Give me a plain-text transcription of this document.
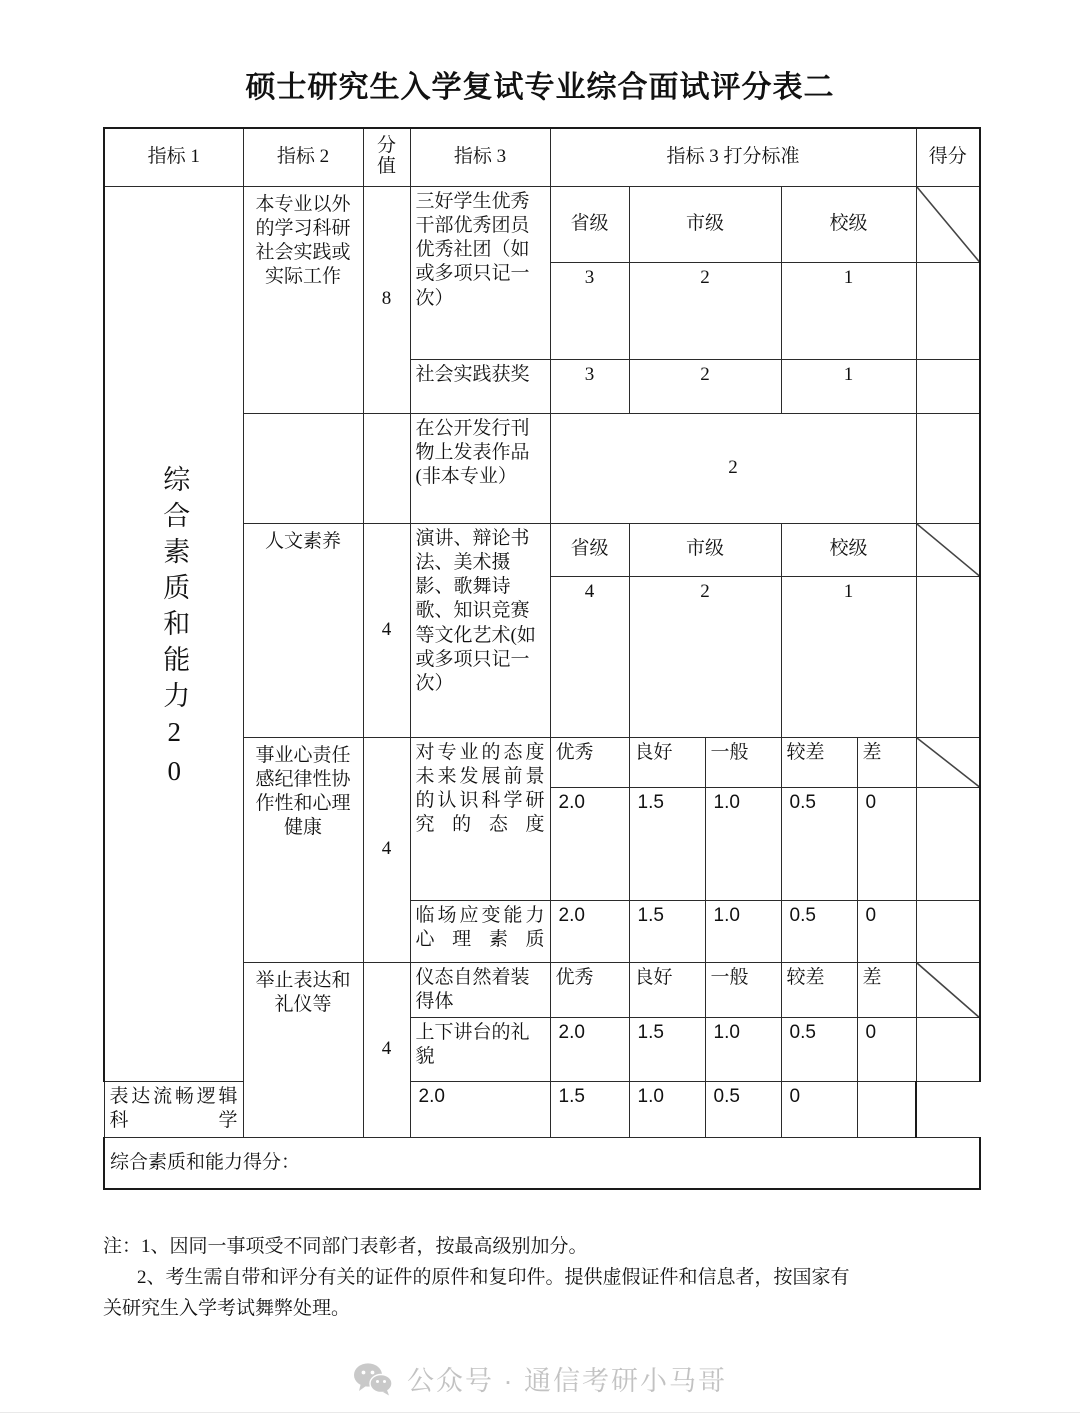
硕士研究生入学复试专业综合面试评分表二
指标 1	指标 2	分值	指标 3	指标 3 打分标准					得分
综合素质和能力20	本专业以外的学习科研社会实践或实际工作	8	三好学生优秀干部优秀团员优秀社团（如或多项只记一次）	省级	市级		校级	

				3	2		1		
			社会实践获奖	3	2		1		
			在公开发行刊物上发表作品(非本专业）	2					
	人文素养	4	演讲、辩论书法、美术摄影、歌舞诗歌、知识竞赛等文化艺术(如或多项只记一次）	省级	市级		校级	

				4	2		1		
	事业心责任感纪律性协作性和心理健康	4	对专业的态度未来发展前景的认识科学研究的态度	优秀	良好	一般	较差	差	

				2.0	1.5	1.0	0.5	0	
			临场应变能力心理素质	2.0	1.5	1.0	0.5	0	
	举止表达和礼仪等	4	仪态自然着装得体	优秀	良好	一般	较差	差	

			上下讲台的礼貌	2.0	1.5	1.0	0.5	0	
表达流畅逻辑科学			2.0	1.5	1.0	0.5	0		
综合素质和能力得分：									

注：1、因同一事项受不同部门表彰者，按最高级别加分。

2、考生需自带和评分有关的证件的原件和复印件。提供虚假证件和信息者，按国家有

关研究生入学考试舞弊处理。

公众号 · 通信考研小马哥
